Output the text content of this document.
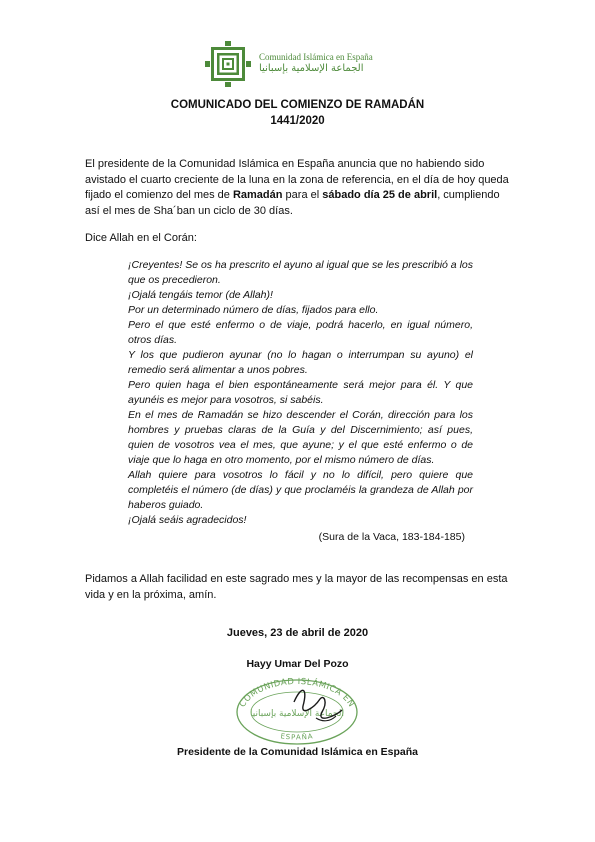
Comunidad Islámica en España
الجماعة الإسلامية بإسبانيا
COMUNICADO DEL COMIENZO DE RAMADÁN
1441/2020
El presidente de la Comunidad Islámica en España anuncia que no habiendo sido avistado el cuarto creciente de la luna en la zona de referencia, en el día de hoy queda fijado el comienzo del mes de Ramadán para el sábado día 25 de abril, cumpliendo así el mes de Sha´ban un ciclo de 30 días.
Dice Allah en el Corán:
¡Creyentes! Se os ha prescrito el ayuno al igual que se les prescribió a los que os precedieron.
¡Ojalá tengáis temor (de Allah)!
Por un determinado número de días, fijados para ello.
Pero el que esté enfermo o de viaje, podrá hacerlo, en igual número, otros días.
Y los que pudieron ayunar (no lo hagan o interrumpan su ayuno) el remedio será alimentar a unos pobres.
Pero quien haga el bien espontáneamente será mejor para él. Y que ayunéis es mejor para vosotros, si sabéis.
En el mes de Ramadán se hizo descender el Corán, dirección para los hombres y pruebas claras de la Guía y del Discernimiento; así pues, quien de vosotros vea el mes, que ayune; y el que esté enfermo o de viaje que lo haga en otro momento, por el mismo número de días.
Allah quiere para vosotros lo fácil y no lo difícil, pero quiere que completéis el número (de días) y que proclaméis la grandeza de Allah por haberos guiado.
¡Ojalá seáis agradecidos!
(Sura de la Vaca, 183-184-185)
Pidamos a Allah facilidad en este sagrado mes y la mayor de las recompensas en esta vida y en la próxima, amín.
Jueves, 23 de abril de 2020
Hayy Umar Del Pozo
COMUNIDAD ISLÁMICA EN
ESPAÑA
الجماعة الإسلامية بإسبانيا
Presidente de la Comunidad Islámica en España
